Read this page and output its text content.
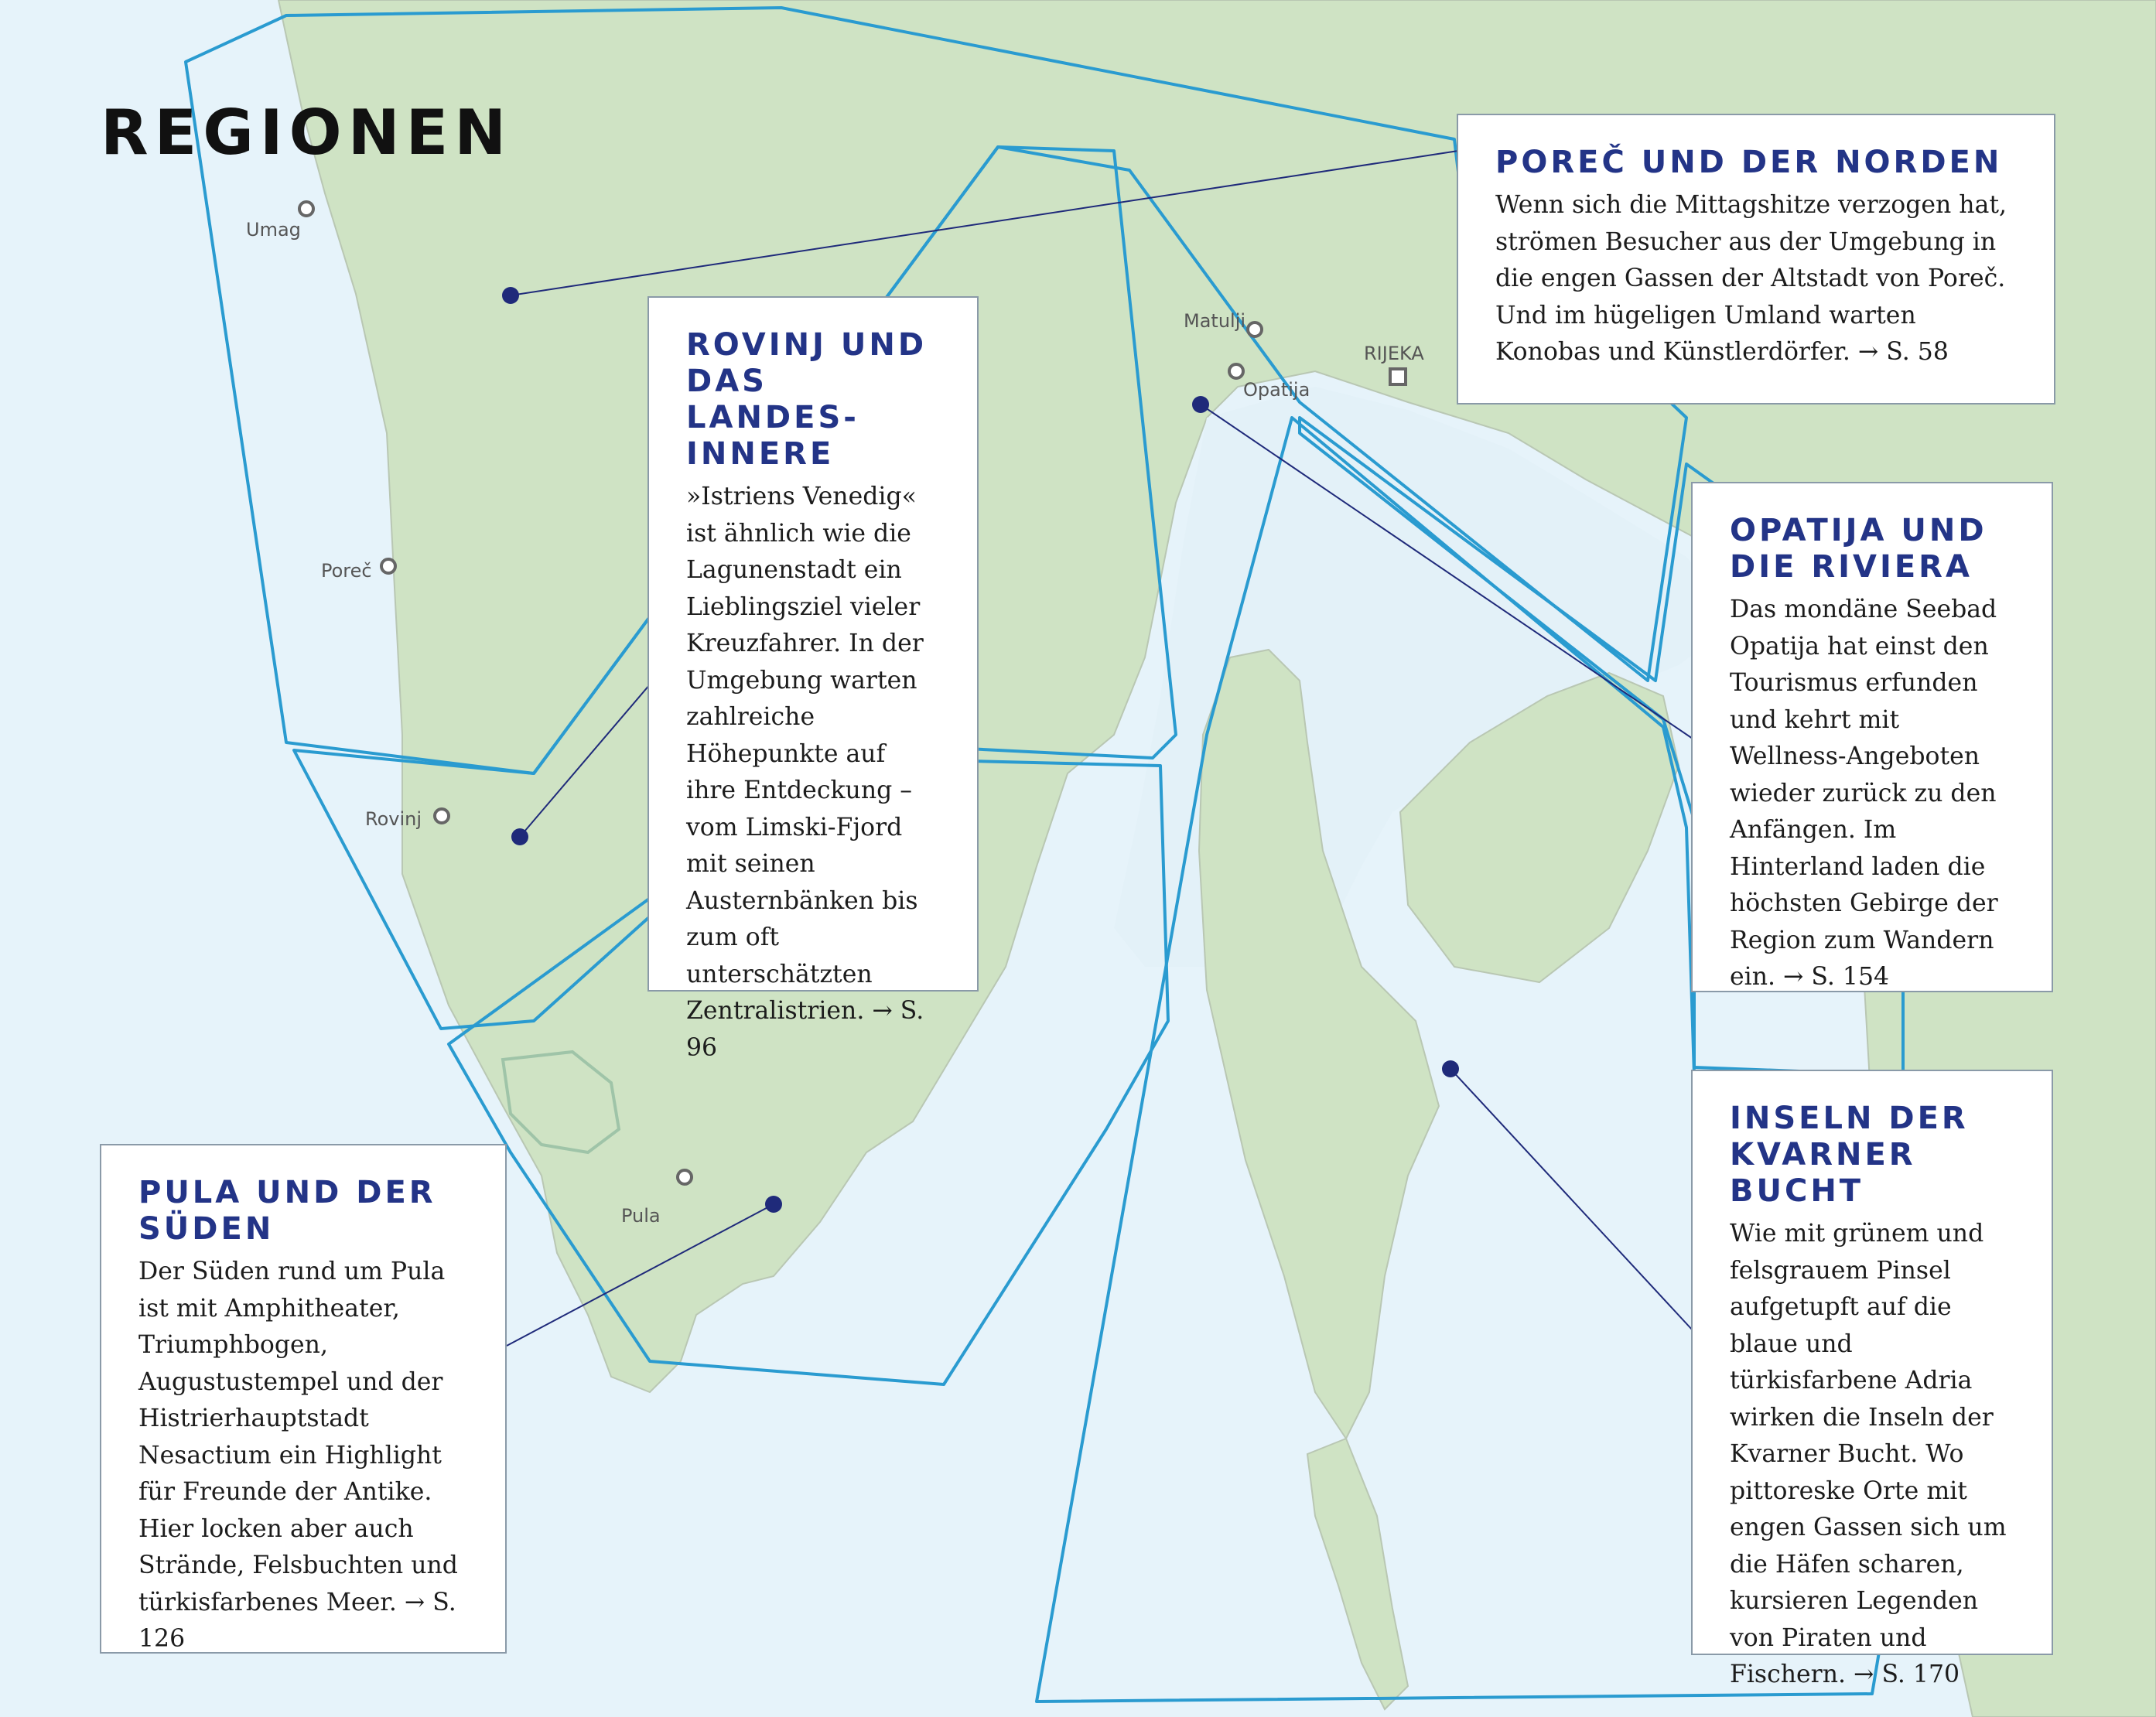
Umag
Poreč
Rovinj
Pula
Matulji
Opatija
RIJEKA
REGIONEN	POREČ UND DER NORDEN

Wenn sich die Mittagshitze verzogen hat, strömen Besucher aus der Umgebung in die engen Gassen der Altstadt von Poreč. Und im hügeligen Umland warten Konobas und Künstlerdörfer. → S. 58

ROVINJ UND DAS LANDES-INNERE

»Istriens Venedig« ist ähnlich wie die Lagunenstadt ein Lieblingsziel vieler Kreuzfahrer. In der Umgebung warten zahlreiche Höhepunkte auf ihre Entdeckung – vom Limski-Fjord mit seinen Austernbänken bis zum oft unterschätzten Zentralistrien. → S. 96

OPATIJA UND DIE RIVIERA

Das mondäne Seebad Opatija hat einst den Tourismus erfunden und kehrt mit Wellness-Angeboten wieder zurück zu den Anfängen. Im Hinterland laden die höchsten Gebirge der Region zum Wandern ein. → S. 154

PULA UND DER SÜDEN

Der Süden rund um Pula ist mit Amphitheater, Triumphbogen, Augustustempel und der Histrierhauptstadt Nesactium ein Highlight für Freunde der Antike. Hier locken aber auch Strände, Felsbuchten und türkisfarbenes Meer. → S. 126

INSELN DER KVARNER BUCHT

Wie mit grünem und felsgrauem Pinsel aufgetupft auf die blaue und türkisfarbene Adria wirken die Inseln der Kvarner Bucht. Wo pittoreske Orte mit engen Gassen sich um die Häfen scharen, kursieren Legenden von Piraten und Fischern. → S. 170
